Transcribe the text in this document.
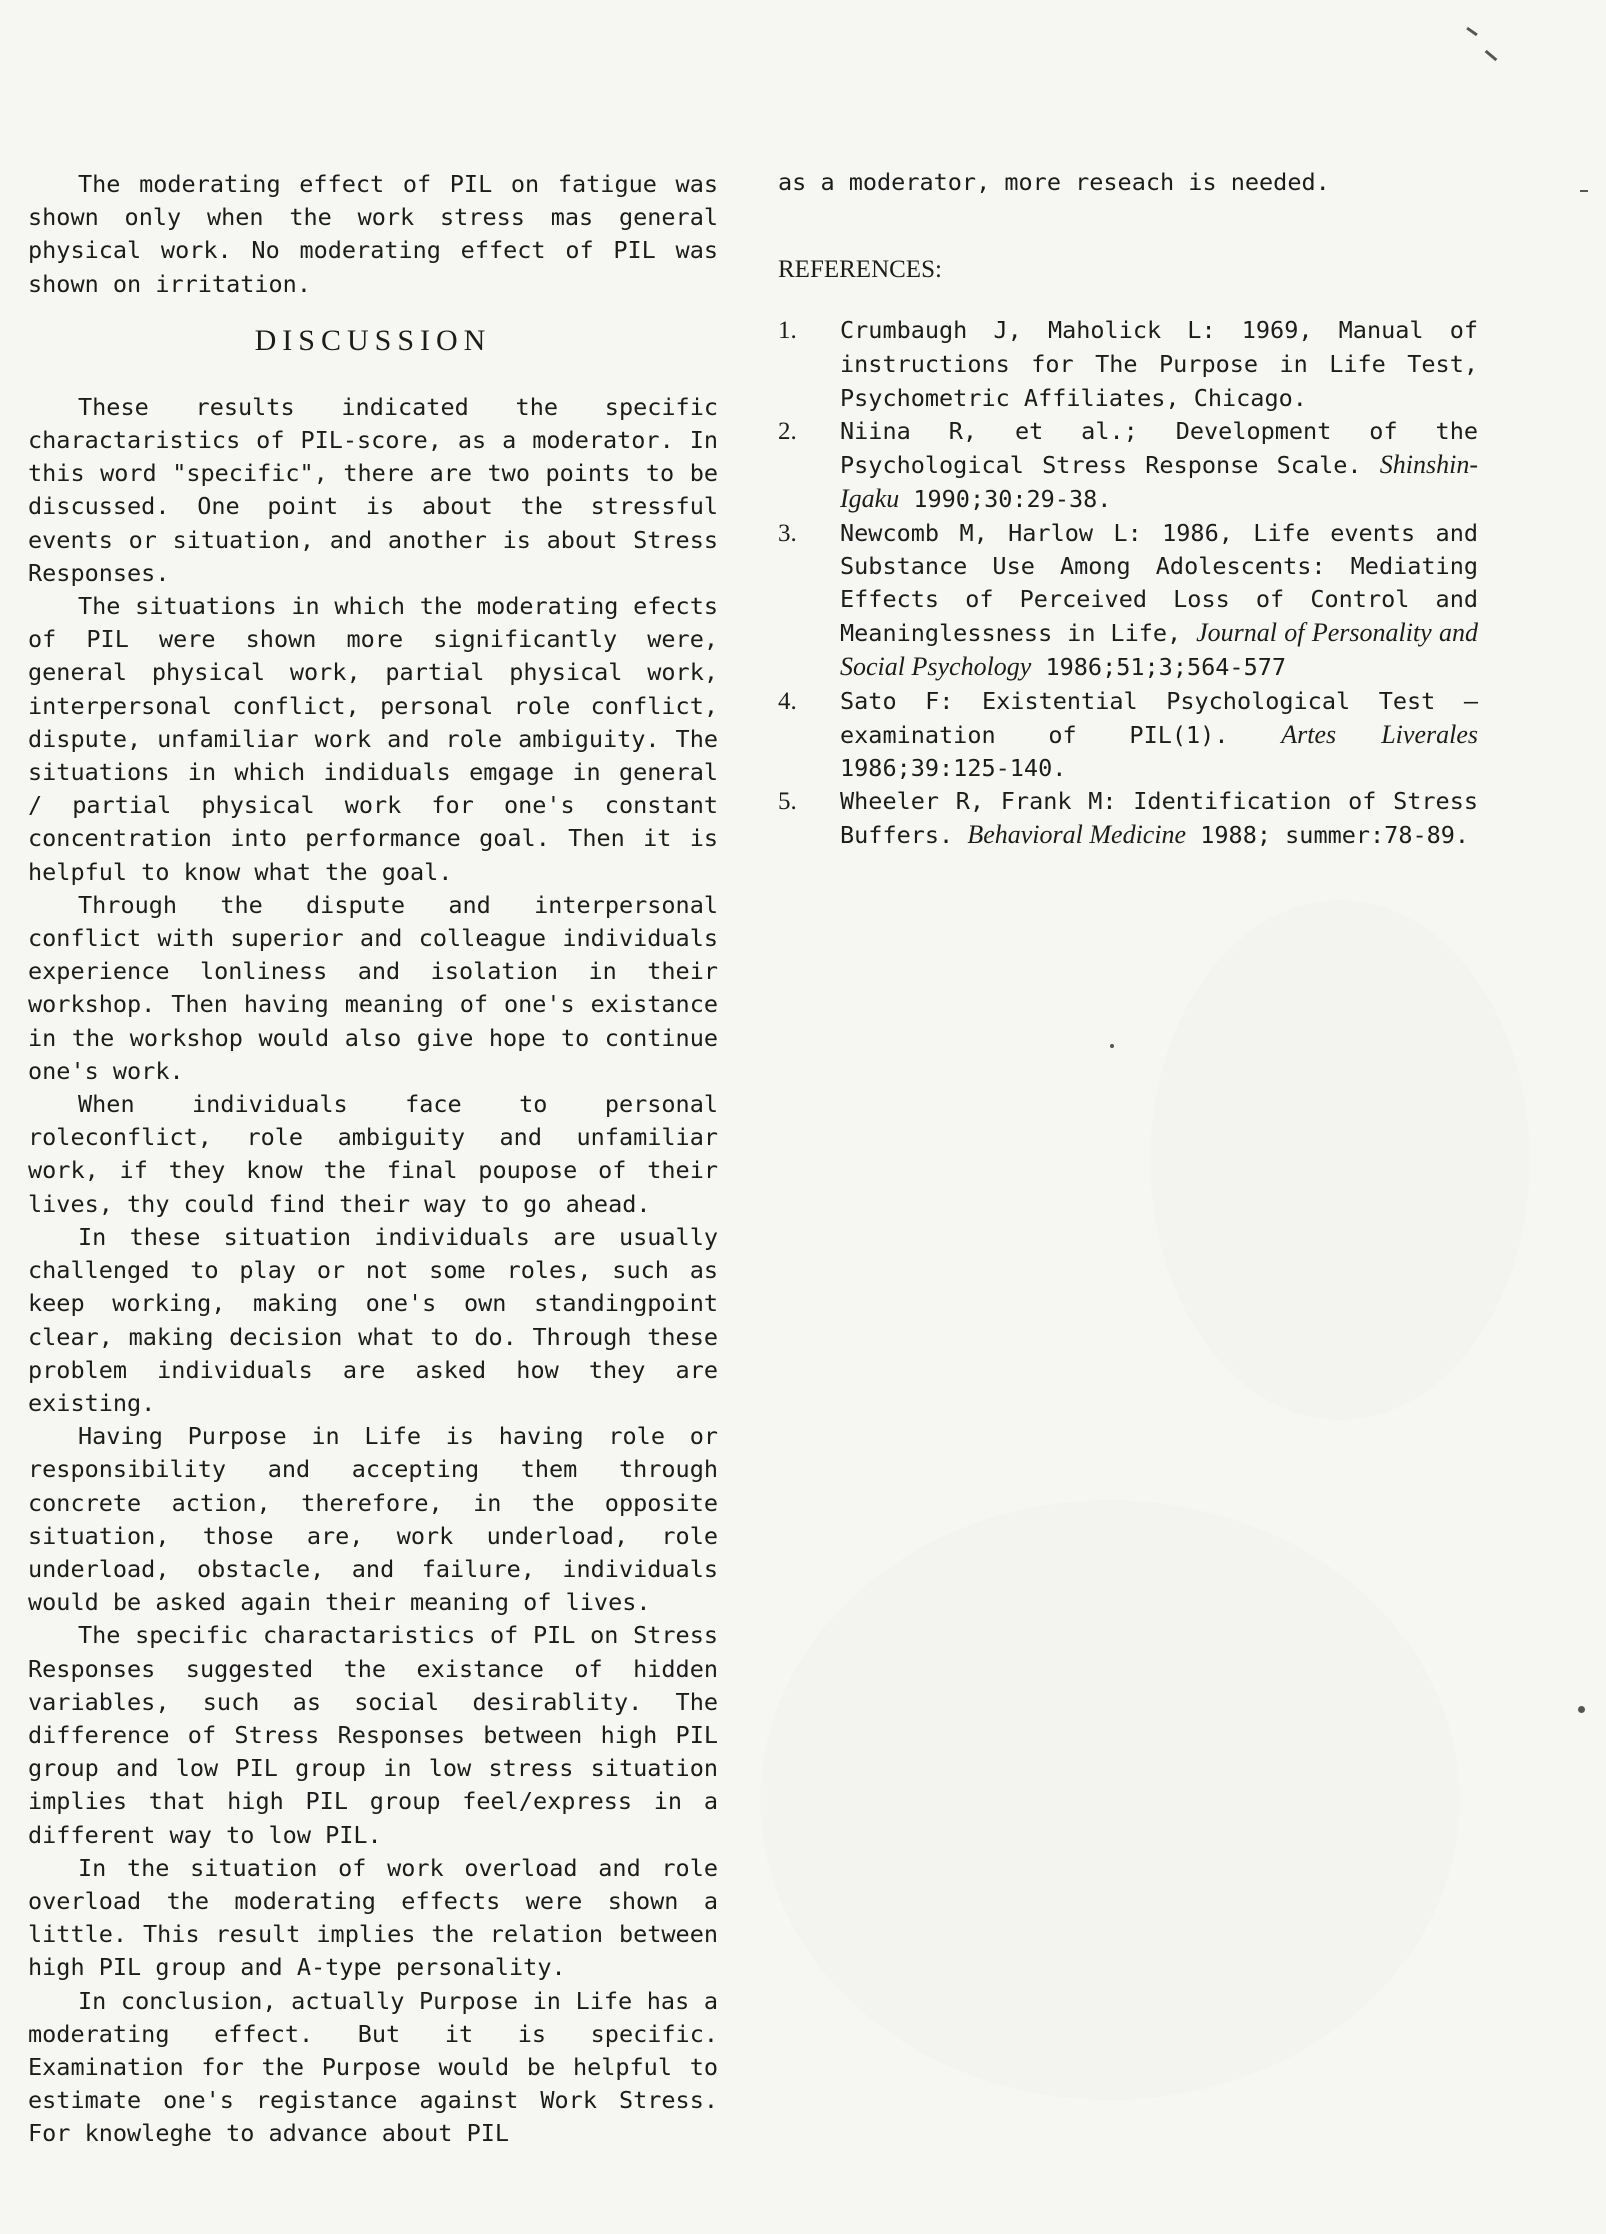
The moderating effect of PIL on fatigue was shown only when the work stress mas general physical work. No moderating effect of PIL was shown on irritation.

DISCUSSION

These results indicated the specific charactaristics of PIL-score, as a moderator. In this word "specific", there are two points to be discussed. One point is about the stressful events or situation, and another is about Stress Responses.

The situations in which the moderating efects of PIL were shown more significantly were, general physical work, partial physical work, interpersonal conflict, personal role conflict, dispute, unfamiliar work and role ambiguity. The situations in which indiduals emgage in general / partial physical work for one's constant concentration into performance goal. Then it is helpful to know what the goal.

Through the dispute and interpersonal conflict with superior and colleague individuals experience lonliness and isolation in their workshop. Then having meaning of one's existance in the workshop would also give hope to continue one's work.

When individuals face to personal roleconflict, role ambiguity and unfamiliar work, if they know the final poupose of their lives, thy could find their way to go ahead.

In these situation individuals are usually challenged to play or not some roles, such as keep working, making one's own standingpoint clear, making decision what to do. Through these problem individuals are asked how they are existing.

Having Purpose in Life is having role or responsibility and accepting them through concrete action, therefore, in the opposite situation, those are, work underload, role underload, obstacle, and failure, individuals would be asked again their meaning of lives.

The specific charactaristics of PIL on Stress Responses suggested the existance of hidden variables, such as social desirablity. The difference of Stress Responses between high PIL group and low PIL group in low stress situation implies that high PIL group feel/express in a different way to low PIL.

In the situation of work overload and role overload the moderating effects were shown a little. This result implies the relation between high PIL group and A-type personality.

In conclusion, actually Purpose in Life has a moderating effect. But it is specific. Examination for the Purpose would be helpful to estimate one's registance against Work Stress. For knowleghe to advance about PIL

as a moderator, more reseach is needed.

REFERENCES:
1.	Crumbaugh J, Maholick L: 1969, Manual of instructions for The Purpose in Life Test, Psychometric Affiliates, Chicago.
2.	Niina R, et al.; Development of the Psychological Stress Response Scale. Shinshin-Igaku 1990;30:29-38.
3.	Newcomb M, Harlow L: 1986, Life events and Substance Use Among Adolescents: Mediating Effects of Perceived Loss of Control and Meaninglessness in Life, Journal of Personality and Social Psychology 1986;51;3;564-577
4.	Sato F: Existential Psychological Test — examination of PIL(1). Artes Liverales 1986;39:125-140.
5.	Wheeler R, Frank M: Identification of Stress Buffers. Behavioral Medicine 1988; summer:78-89.
